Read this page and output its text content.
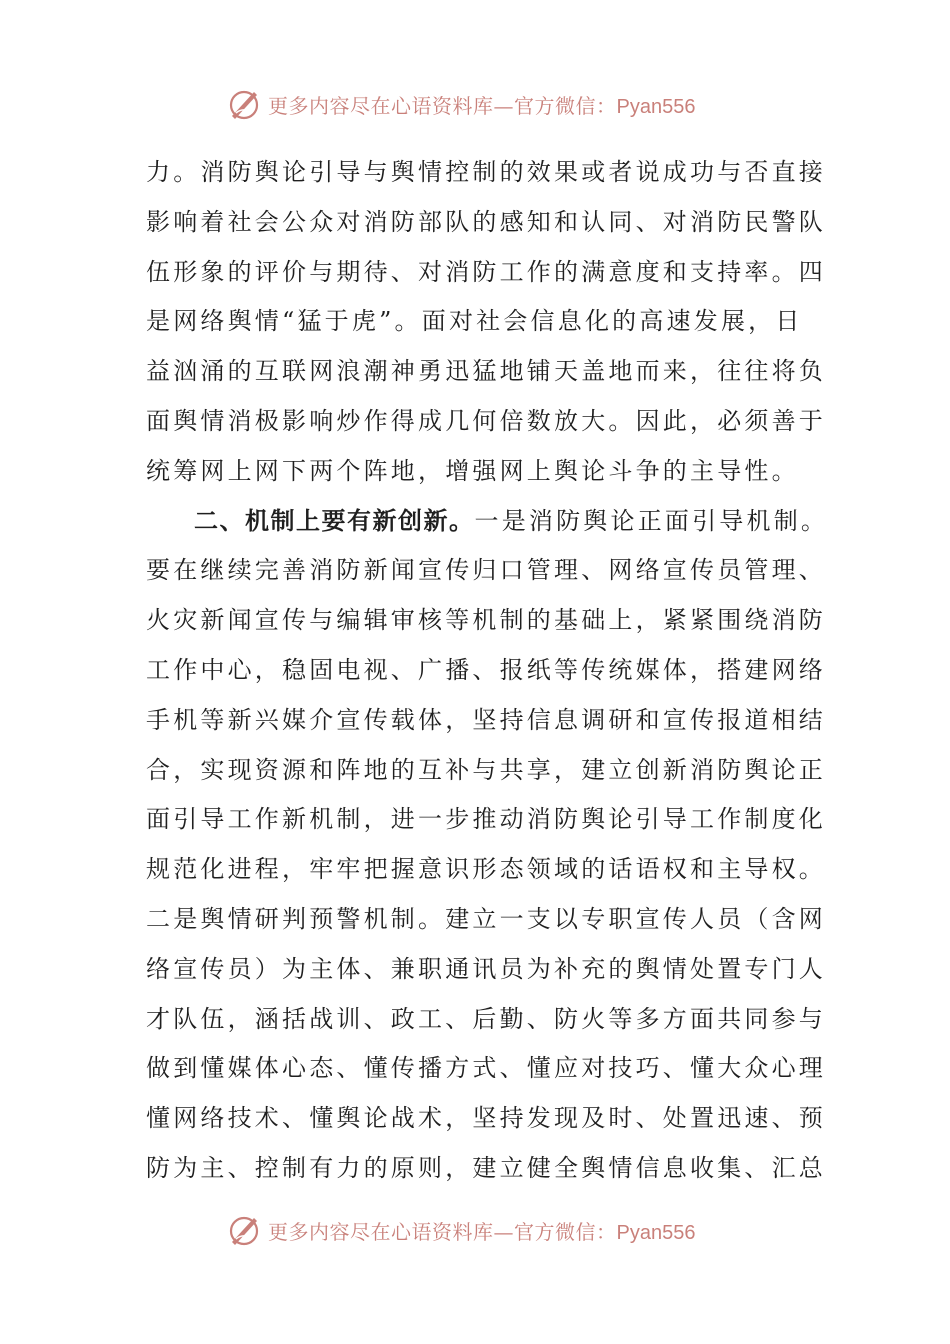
更多内容尽在心语资料库—官方微信：Pyan556
力。消防舆论引导与舆情控制的效果或者说成功与否直接
影响着社会公众对消防部队的感知和认同、对消防民警队
伍形象的评价与期待、对消防工作的满意度和支持率。四
是网络舆情“猛于虎”。面对社会信息化的高速发展，日
益汹涌的互联网浪潮神勇迅猛地铺天盖地而来，往往将负
面舆情消极影响炒作得成几何倍数放大。因此，必须善于
统筹网上网下两个阵地，增强网上舆论斗争的主导性。
二、机制上要有新创新。一是消防舆论正面引导机制。
要在继续完善消防新闻宣传归口管理、网络宣传员管理、
火灾新闻宣传与编辑审核等机制的基础上，紧紧围绕消防
工作中心，稳固电视、广播、报纸等传统媒体，搭建网络
手机等新兴媒介宣传载体，坚持信息调研和宣传报道相结
合，实现资源和阵地的互补与共享，建立创新消防舆论正
面引导工作新机制，进一步推动消防舆论引导工作制度化
规范化进程，牢牢把握意识形态领域的话语权和主导权。
二是舆情研判预警机制。建立一支以专职宣传人员（含网
络宣传员）为主体、兼职通讯员为补充的舆情处置专门人
才队伍，涵括战训、政工、后勤、防火等多方面共同参与
做到懂媒体心态、懂传播方式、懂应对技巧、懂大众心理
懂网络技术、懂舆论战术，坚持发现及时、处置迅速、预
防为主、控制有力的原则，建立健全舆情信息收集、汇总
更多内容尽在心语资料库—官方微信：Pyan556
